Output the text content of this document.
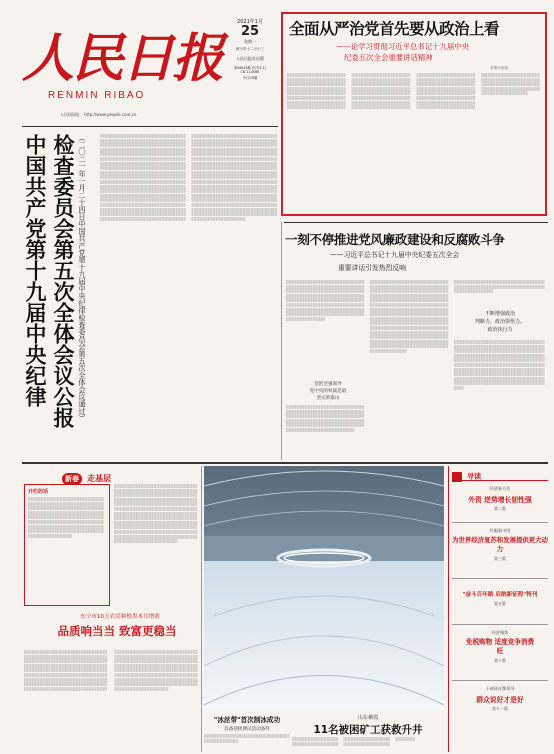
人民日报
RENMIN RIBAO
人民网网址：http://www.people.com.cn
2021年1月
25
星期一
庚子年十二月十三
人民日报社出版
第26043期 (代号1-1)
CN 11-0065
今日20版
全面从严治党首先要从政治上看
——论学习贯彻习近平总书记十九届中央
纪委五次全会重要讲话精神
本报评论部
░░░░░░░░░░░░░░░░░░░░░░░░░░░░░░░░░░░░░░░░░░░░░░░░░░░░░░░░░░░░░░░░░░░░░░░░░░░░░░░░░░░░░░░░░░░░░░░░░░░░░░░░░░░░░░░░░░░░░░░░░░░░░░░░░░░░░░░░░░░░░░░░░░░░░░░░░░░░░░░░░░░░░░░░░░░░░░░░░░░░░░░░░░░░░░░░░░░░░░░░░░░░░░░░░░░░░░░░░░░░░░░░░░░░░░░░░░░░░░░░░░░░░░░░░░░░░░░░░░░░░░░░░░░░░░░░░░░░░░░░░░░░░░░░░░░░░░░░░░░░░░░░░░░░░░░░░░░░░░░░░░░░░░░░░░░░░░░░░░░░░░░░░░░░░░░░░░░░░░░░░░░░░░░░░░░░░░░░░░░░░░░░░░░░░░░░░░░░░░░░░░░░░░░░░░░░░░░░░░░░░░░░░░░░░░░░░░░░░░░░░░░░░░░░░░░░░░░░░░░░░░░░░░░░░░░░░░░░░░░░░░░░░░░░░░░░░░░░░░░░░░░░░░░░░░░░░░░░░░░░░░░░░░░░░░░░░░░░░░░░░░░░░░░░░░░░░░░░░░░░░░░░░░░░░░░░░░░░░░░░░░░░░░░░░░░░░░░░░░░░░░░░░░░░░░░░░░░░░░░░░░░░░░░░░░░░░░░░░░░░░░░░░░░░░░░░░░░░░░░░░░░░░░░░░░░░░░░░░░░░░░░░░░░░░░░
中国共产党第十九届中央纪律 检查委员会第五次全体会议公报 （二〇二一年一月二十四日中国共产党第十九届中央纪律检查委员会第五次全体会议通过）	░░░░░░░░░░░░░░░░░░░░░░░░░░░░░░░░░░░░░░░░░░░░░░░░░░░░░░░░░░░░░░░░░░░░░░░░░░░░░░░░░░░░░░░░░░░░░░░░░░░░░░░░░░░░░░░░░░░░░░░░░░░░░░░░░░░░░░░░░░░░░░░░░░░░░░░░░░░░░░░░░░░░░░░░░░░░░░░░░░░░░░░░░░░░░░░░░░░░░░░░░░░░░░░░░░░░░░░░░░░░░░░░░░░░░░░░░░░░░░░░░░░░░░░░░░░░░░░░░░░░░░░░░░░░░░░░░░░░░░░░░░░░░░░░░░░░░░░░░░░░░░░░░░░░░░░░░░░░░░░░░░░░░░░░░░░░░░░░░░░░░░░░░░░░░░░░░░░░░░░░░░░░░░░░░░░░░░░░░░░░░░░░░░░░░░░░░░░░░░░░░░░░░░░░░░░░░░░░░░░░░░░░░░░░░░░░░░░░░░░░░░░░░░░░░░░░░░░░░░░░░░░░░░░░░░░░░░░░░░░░░░░░░░░░░░░░░░░░░░░░░░░░░░░░░░░░░░░░░░░░░░░░░░░░░░░░░░░░░░░░░░░░░░░░░░░░░░░░░░░░░░░░░░░░░░░░░░░░░░░░░░░░░░░░░░░░░░░░░░░░░░░░░░░░░░░░░░░░░░░░░░░░░░░░░░░░░░░░░░░░░░░░░░░░░░░░░░░░░░░░░░░░░░░░░░░░░░░░░░░░░░░░░░░░░░░░░░░░░░░░░░░░░░░░░░░░░░░░░░░░░░░░░░░░░░░░░░░░░░░░░░░░░░░░░░░░░░░░░░░░░░░░░░░░░░░░░░░░░░░░░░░░░░░░░░░░░░░░░░░░░░░░░░░░░░░░░░░░░░░░░░░░░░░░░░░░░░░░░░░░░░░░░░░░░░░░░░░░░░░░░░░░░░░░░░░░░░░░░░░░░░░░░░░░░░░░░░░░░░░░░░░░░░░░░░░░░░░░░░░░░░░░░░░░░░░░░░░░░░░░░░░░░░░░░░░░░░░░░░░░░░░░░░░░░░░░░░░░░░░░░░░░░░░░░░░░░░░░░░░░░░░░░░░░░░░░░░░░░░░░░░░░░░░░░░░░░░░░░░░░░░░░░░░░░░░░░░░░░░░░░░░░░░░░░░░░░░░░░░░░░░░░░░░░░░░░░░░░░░░░░░░░░░░░░░░░░░░░░░░░░░░░░░░░░░░░░░░░░░░░░░░░░░░░░░░░░░░░░░░░░░░░░░░░░░░░░░░░░░░░░░░░░░░░░░░░░░░░░░░░░░░░░░░░░░░░░░░░░░░░░░░░░░░░░░░░░░░░░░░░░░░░░░░░░░░░░░░░░░░░░░░░░░░░░░░░░░░░░░░░░░░░░░░░░░░░░░░░░░░░░░░░░░░░░░░░░░░░░
一刻不停推进党风廉政建设和反腐败斗争
——习近平总书记十九届中央纪委五次全会
重要讲话引发热烈反响
░░░░░░░░░░░░░░░░░░░░░░░░░░░░░░░░░░░░░░░░░░░░░░░░░░░░░░░░░░░░░░░░░░░░░░░░░░░░░░░░░░░░░░░░░░░░░░░░░░░░░░░░░░░░░░░░░░░░░░░░░░░░░░░░░░░░░░░░░░░░░░░░░░░░░░░░░░░░░░░░░░░░░░░░░░░░░░░░░░░░░░░░░░░░░░░░░░░░░░░░░░░░░░░░░░░░░░░░░░░░░░░░░░░░░░░░░░░░░░░░░░░░░░░░░░░░░░░░░░░░░░░░░░░░░░░░
党的坚强领导
党中央的权威是最
坚实的靠山
░░░░░░░░░░░░░░░░░░░░░░░░░░░░░░░░░░░░░░░░░░░░░░░░░░░░░░░░░░░░░░░░░░░░░░░░░░░░░░░░░░░░░░░░░░░░░░░░░░░░░░░░░░░░░░░░░░░░░░░░░░░░░░░░░░░░░░░░░░░░░░░░░░░░░░░░░░░░░░░░░░░░░░░░░░░░░░░░░░░░░░░░░░░░
░░░░░░░░░░░░░░░░░░░░░░░░░░░░░░░░░░░░░░░░░░░░░░░░░░░░░░░░░░░░░░░░░░░░░░░░░░░░░░░░░░░░░░░░░░░░░░░░░░░░░░░░░░░░░░░░░░░░░░░░░░░░░░░░░░░░░░░░░░░░░░░░░░░░░░░░░░░░░░░░░░░░░░░░░░░░░░░░░░░░░░░░░░░░░░░░░░░░░░░░░░░░░░░░░░░░░░░░░░░░░░░░░░░░░░░░░░░░░░░░░░░░░░░░░░░░░░░░░░░░░░░░░░░░░░░░░░░░░░░░░░░░░░░░░░░░░░░░░░░░░░░░░░░░░░░░░░░░░░░░░░░░░░░░░░░░░░░░░░░░░░░░░░░░░░░░░░░░░░░░░░░░░░░░░░░░░░░░░░░░░░░░░░░░░░░░░░░░░░░░░░░░░░░░░░░░░░░░░░░░░░░░░░░░░░░░░░░░░░░░░░░░░░░░░░░░░░░░░░░░░░░░░░░░░░░░░░░░░░░░░░░░░░░░░░░░░░░
░░░░░░░░░░░░░░░░░░░░░░░░░░░░░░░░░░░░░░░░░░░░░░░░░░░░░░░░░░░░░░░░░░░░░░░░░░░░░░░░░░░░░░░░░░
不断增强政治
判断力、政治领悟力、
政治执行力
░░░░░░░░░░░░░░░░░░░░░░░░░░░░░░░░░░░░░░░░░░░░░░░░░░░░░░░░░░░░░░░░░░░░░░░░░░░░░░░░░░░░░░░░░░░░░░░░░░░░░░░░░░░░░░░░░░░░░░░░░░░░░░░░░░░░░░░░░░░░░░░░░░░░░░░░░░░░░░░░░░░░░░░░░░░░░░░░░░░░░░░░░░░░░░░░░░░░░░░░░░░░░░░░░░░░░░░░░░░░░░░░░░░░░░░░░░░░░░░░░░░░░░░░░░░░░░░░░░░░░░░░░░░░░░░░░░░░░░░░░░░░░░░░░░░░░░░░░░░░░░░░░░░░░░░░░░░░░░░░░░░░░░░░░░░░░░░░░░░░░░░░░░░░░░░░░░░░░░░░░░░░░░░░░░░░░░
新春 走基层
开栏的话
░░░░░░░░░░░░░░░░░░░░░░░░░░░░░░░░░░░░░░░░░░░░░░░░░░░░░░░░░░░░░░░░░░░░░░░░░░░░░░░░░░░░░░░░░░░░░░░░░░░░░░░░░░░░░░░░░░░░░░░░░░░░░░░░░░░░░░░░░░░░░░░░░░░░░░░░░░░░░░░░░░░░░░░░░░░░░░░░░░░░░░░░░░░░░░░░░░░░░░░░░░░░░░░░░░░░░░░░░░░░░░░░░░░░░░░░░░░░░░░░░░░░░░░░░░░░░░░░░░░░░░░░░░
░░░░░░░░░░░░░░░░░░░░░░░░░░░░░░░░░░░░░░░░░░░░░░░░░░░░░░░░░░░░░░░░░░░░░░░░░░░░░░░░░░░░░░░░░░░░░░░░░░░░░░░░░░░░░░░░░░░░░░░░░░░░░░░░░░░░░░░░░░░░░░░░░░░░░░░░░░░░░░░░░░░░░░░░░░░░░░░░░░░░░░░░░░░░░░░░░░░░░░░░░░░░░░░░░░░░░░░░░░░░░░░░░░░░░░░░░░░░░░░░░░░░░░░░░░░░░░░░░░░░░░░░░░░░░░░░░░░░░░░░░░░░░░░░░░░░░░░░░░░░░░░░░░░░░░░░░░░░░░░░░░░░░░░░░░░░░░░░░░░░░░░░░░░░░░░░░░░░░░░░░░░░░░░░░░░░░░░░░░░░░░░░░░░░░░░░░░░░░░░░░░░░░░░░░░░░░░░░░░░░░░░░░░░░░░░░░░
东宁市10万农民种植黑木耳增收
品质响当当 致富更稳当
░░░░░░░░░░░░░░░░░░░░░░░░░░░░░░░░░░░░░░░░░░░░░░░░░░░░░░░░░░░░░░░░░░░░░░░░░░░░░░░░░░░░░░░░░░░░░░░░░░░░░░░░░░░░░░░░░░░░░░░░░░░░░░░░░░░░░░░░░░░░░░░░░░░░░░░░░░░░░░░░░░░░░░░░░░░░░░░░░░░░░░░░░░░░░░░░░░░░░░░░░░░░░░░░░░░░░░░░░░░░░░░░░░░░░░░░░░░░░░░░░░░░░░░░░░░░░░░░░░░░░░░░░░░░░░░░░░░░░░░░░░░░░░░░░░░░░░░░░░░░░░░░░░░░░░░░░░░░░░░░░░░░░░░░░░░░░░░░░░░░░░░░░░░░░░░░░░░░░░░░░░░░░░░░░░░░░░░░░░░░░░░░░░░░░░░░░░░░░░░░░░░░░░░░░░░░░░░░░░░░░░░░░░░░░░░░░░░░░░░░░░░░░░░░░░░░░░░░░░░░░░░░░░░░░░░░░░░░░░░░░░░░░░░░░░░░░░░░░░░░░░░░░░░░░░░░░░░░░░░░░░░░░░░░░░░░░░░░░░░░░░░░░░░░░░░░░░░░░░░░░░░░░░░░░░░░░░░░░░░░░░░░░░░░░░░░░░░░░░░░
"冰丝带"首次制冰成功
具备迎接测试活动条件
░░░░░░░░░░░░░░░░░░░░░░░░░░░░░░░░░░░░░░░░░░░░░░░░░
山东栖霞
11名被困矿工获救升井
░░░░░░░░░░░░░░░░░░░░░░░░░░░░░░░░░░░░░░░░░░░░░░░░░░░░░░░░░░░░░░░░░░░░░░░░░░░░░░░░░░░░
导读
经济新方位
外资 逆势增长韧性强
第二版
外眼看中国
为世界经济复苏和发展提供更大动力
第三版
"奋斗百年路 启航新征程"特刊
第五版
经济聚焦
免税购物 适度竞争消费旺
第十版
干部伙伴都领导
群众说好才是好
第十一版
